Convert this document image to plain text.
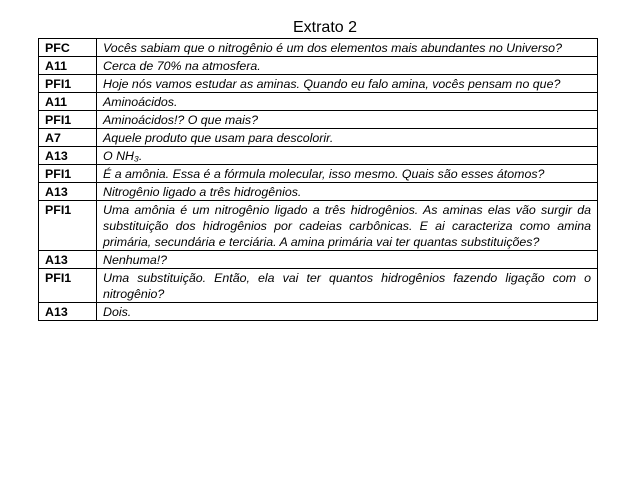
Extrato 2
PFC	Vocês sabiam que o nitrogênio é um dos elementos mais abundantes no Universo?
A11	Cerca de 70% na atmosfera.
PFI1	Hoje nós vamos estudar as aminas. Quando eu falo amina, vocês pensam no que?
A11	Aminoácidos.
PFI1	Aminoácidos!? O que mais?
A7	Aquele produto que usam para descolorir.
A13	O NH₃.
PFI1	É a amônia. Essa é a fórmula molecular, isso mesmo. Quais são esses átomos?
A13	Nitrogênio ligado a três hidrogênios.
PFI1	Uma amônia é um nitrogênio ligado a três hidrogênios. As aminas elas vão surgir da substituição dos hidrogênios por cadeias carbônicas. E ai caracteriza como amina primária, secundária e terciária. A amina primária vai ter quantas substituições?
A13	Nenhuma!?
PFI1	Uma substituição. Então, ela vai ter quantos hidrogênios fazendo ligação com o nitrogênio?
A13	Dois.
